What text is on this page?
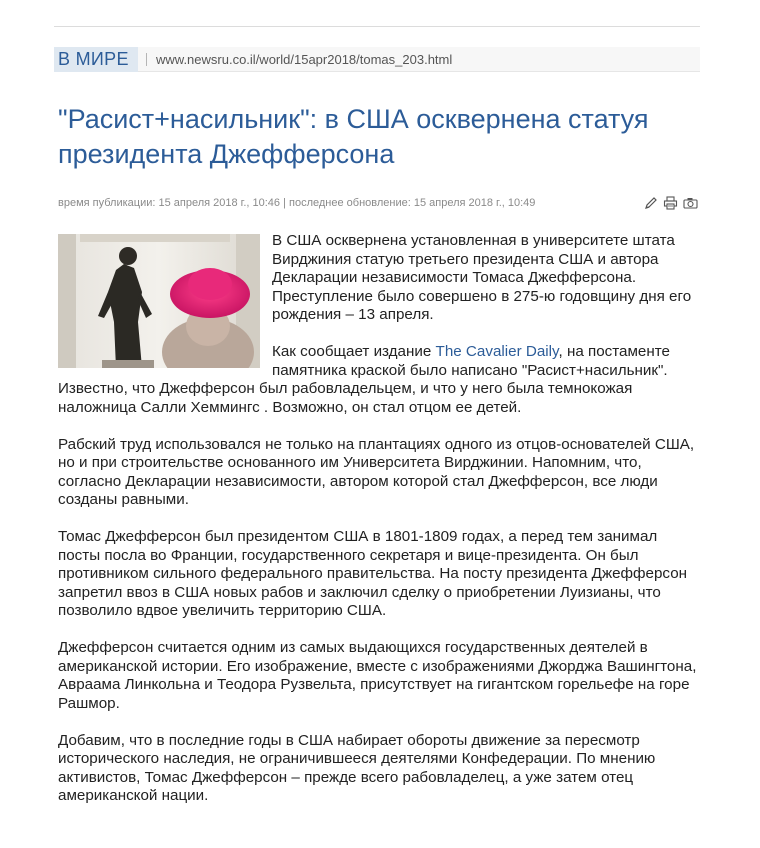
В МИРЕ	www.newsru.co.il/world/15apr2018/tomas_203.html
"Расист+насильник": в США осквернена статуя президента Джефферсона
время публикации: 15 апреля 2018 г., 10:46 | последнее обновление: 15 апреля 2018 г., 10:49

В США осквернена установленная в университете штата Вирджиния статую третьего президента США и автора Декларации независимости Томаса Джефферсона. Преступление было совершено в 275-ю годовщину дня его рождения – 13 апреля.

Как сообщает издание The Cavalier Daily, на постаменте памятника краской было написано "Расист+насильник". Известно, что Джефферсон был рабовладельцем, и что у него была темнокожая наложница Салли Хеммингс . Возможно, он стал отцом ее детей.

Рабский труд использовался не только на плантациях одного из отцов-основателей США, но и при строительстве основанного им Университета Вирджинии. Напомним, что, согласно Декларации независимости, автором которой стал Джефферсон, все люди созданы равными.

Томас Джефферсон был президентом США в 1801-1809 годах, а перед тем занимал посты посла во Франции, государственного секретаря и вице-президента. Он был противником сильного федерального правительства. На посту президента Джефферсон запретил ввоз в США новых рабов и заключил сделку о приобретении Луизианы, что позволило вдвое увеличить территорию США.

Джефферсон считается одним из самых выдающихся государственных деятелей в американской истории. Его изображение, вместе с изображениями Джорджа Вашингтона, Авраама Линкольна и Теодора Рузвельта, присутствует на гигантском горельефе на горе Рашмор.

Добавим, что в последние годы в США набирает обороты движение за пересмотр исторического наследия, не ограничившееся деятелями Конфедерации. По мнению активистов, Томас Джефферсон – прежде всего рабовладелец, а уже затем отец американской нации.
